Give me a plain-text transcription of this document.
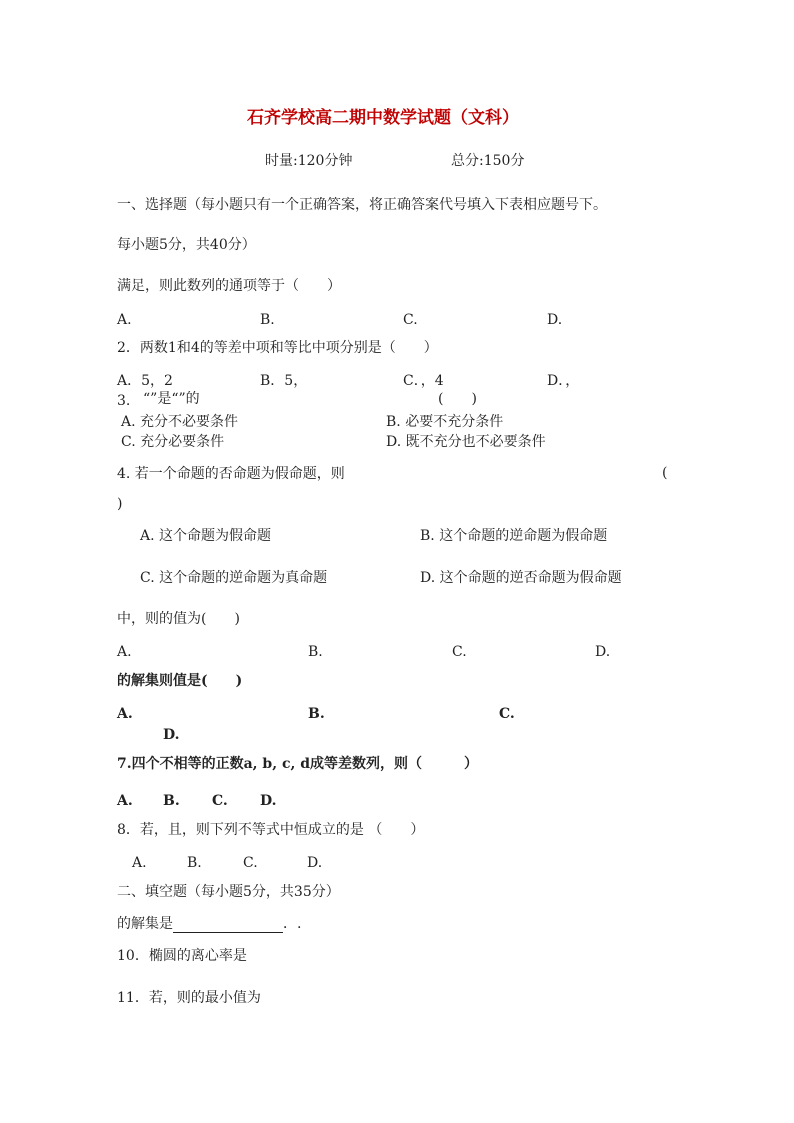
石齐学校高二期中数学试题（文科）
时量:120分钟	总分:150分
一、选择题（每小题只有一个正确答案，将正确答案代号填入下表相应题号下。
每小题5分，共40分）
满足，则此数列的通项等于（　　）
A.	B.	C.	D.
2．两数1和4的等差中项和等比中项分别是（　　）
A．5，2	B．5，	C．，4	D．，
3. “”是“”的	(　　)
A. 充分不必要条件	B. 必要不充分条件
C. 充分必要条件	D. 既不充分也不必要条件
4. 若一个命题的否命题为假命题，则	(
)
A. 这个命题为假命题	B. 这个命题的逆命题为假命题
C. 这个命题的逆命题为真命题	D. 这个命题的逆否命题为假命题
中，则的值为(　　)
A.	B.	C.	D.
的解集则值是(　　)
A.	B.	C.
D.
7.四个不相等的正数a, b, c, d成等差数列，则（　　　）
A. B. C. D.
8．若，且，则下列不等式中恒成立的是 （　　）
A.	B.	C.	D.
二、填空题（每小题5分，共35分）
的解集是	．.
10．椭圆的离心率是
11．若，则的最小值为
